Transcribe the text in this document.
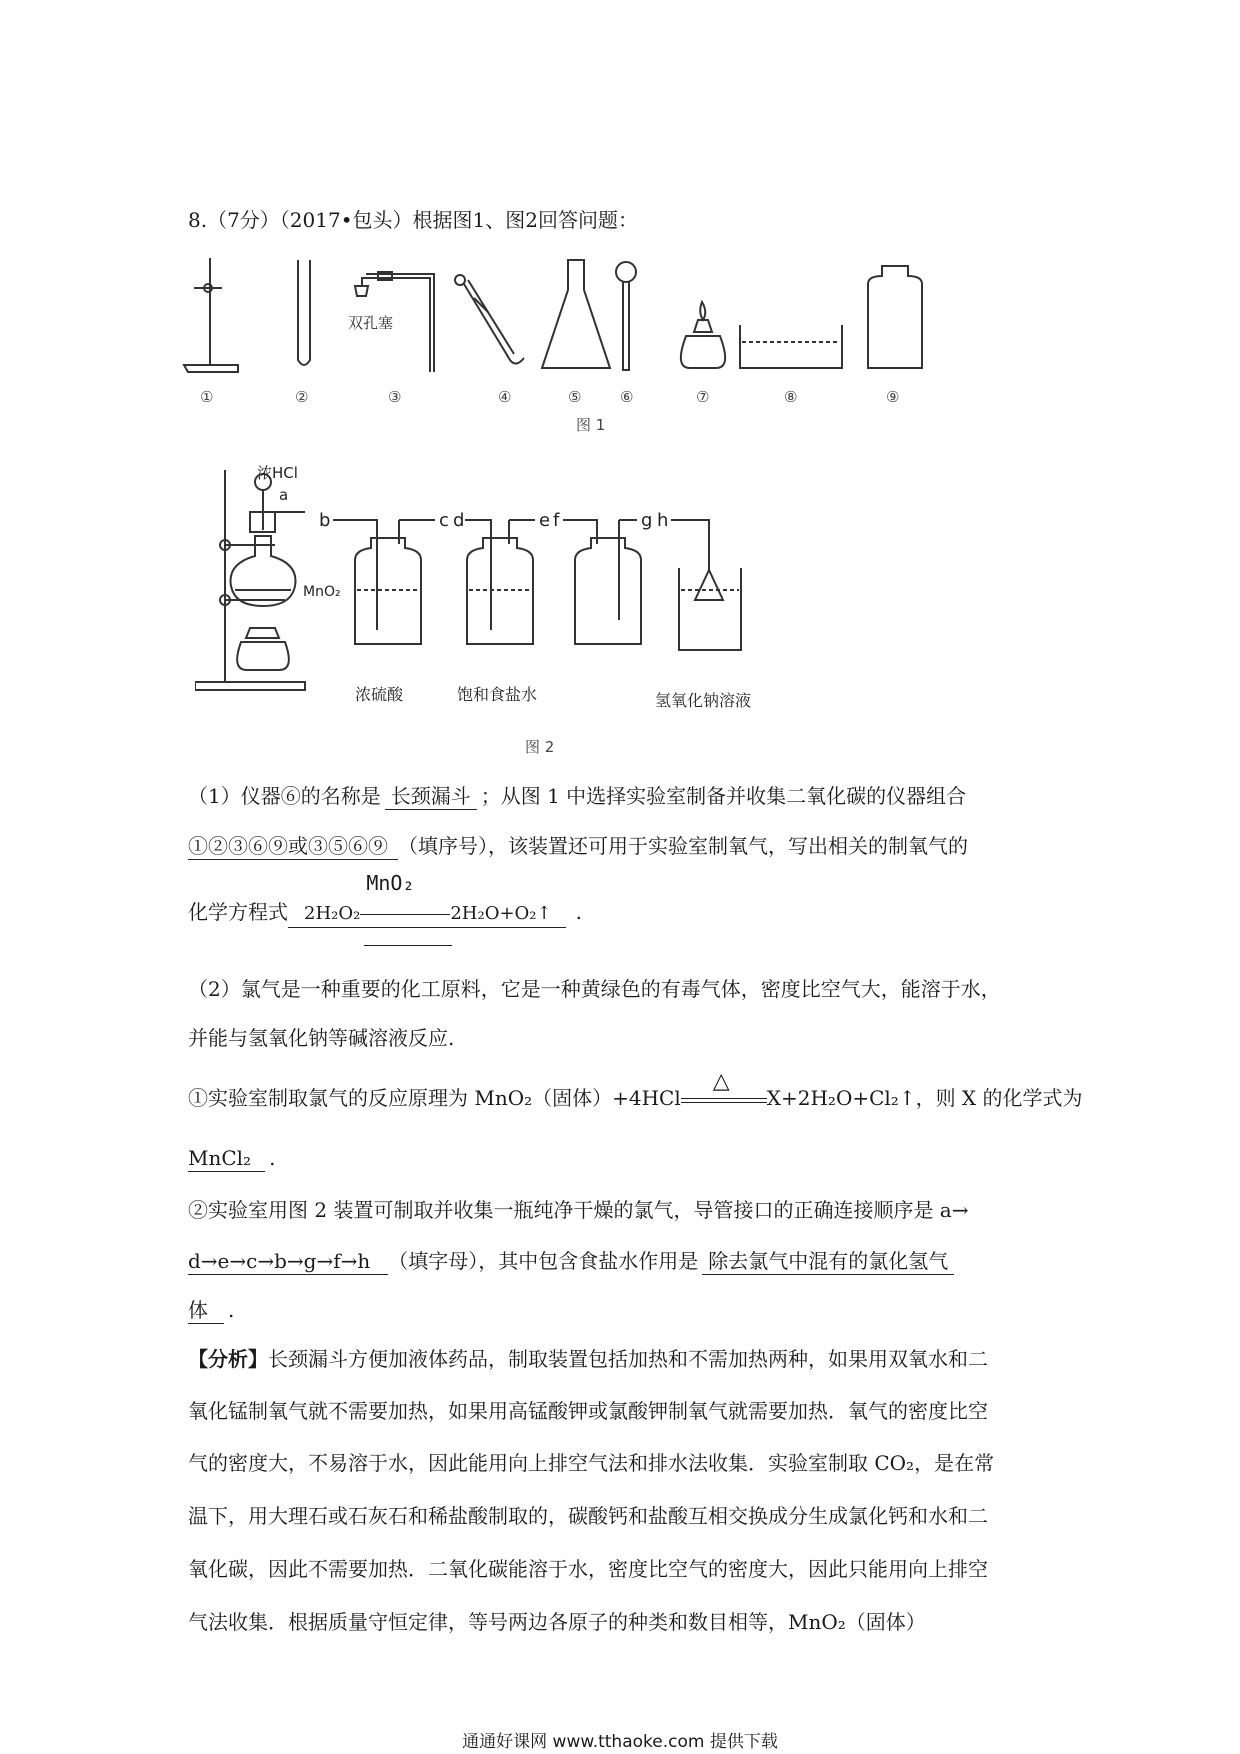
8.（7分）（2017•包头）根据图1、图2回答问题：
双孔塞
①	②	③	④	⑤	⑥	⑦	⑧	⑨
图 1
浓HCl
a
MnO₂
b	c d	e f	g h
浓硫酸	饱和食盐水	氢氧化钠溶液
图 2
（1）仪器⑥的名称是 长颈漏斗 ；从图 1 中选择实验室制备并收集二氧化碳的仪器组合
①②③⑥⑨或③⑤⑥⑨ （填序号），该装置还可用于实验室制氧气，写出相关的制氧气的
化学方程式 2H₂O₂
MnO₂
2H₂O+O₂↑ .
（2）氯气是一种重要的化工原料，它是一种黄绿色的有毒气体，密度比空气大，能溶于水，
并能与氢氧化钠等碱溶液反应.
①实验室制取氯气的反应原理为 MnO₂（固体）+4HCl
△
X+2H₂O+Cl₂↑，则 X 的化学式为
MnCl₂ .
②实验室用图 2 装置可制取并收集一瓶纯净干燥的氯气，导管接口的正确连接顺序是 a→
d→e→c→b→g→f→h （填字母），其中包含食盐水作用是 除去氯气中混有的氯化氢气
体 .
【分析】长颈漏斗方便加液体药品，制取装置包括加热和不需加热两种，如果用双氧水和二
氧化锰制氧气就不需要加热，如果用高锰酸钾或氯酸钾制氧气就需要加热．氧气的密度比空
气的密度大，不易溶于水，因此能用向上排空气法和排水法收集．实验室制取 CO₂，是在常
温下，用大理石或石灰石和稀盐酸制取的，碳酸钙和盐酸互相交换成分生成氯化钙和水和二
氧化碳，因此不需要加热．二氧化碳能溶于水，密度比空气的密度大，因此只能用向上排空
气法收集．根据质量守恒定律，等号两边各原子的种类和数目相等，MnO₂（固体）
通通好课网 www.tthaoke.com 提供下载
